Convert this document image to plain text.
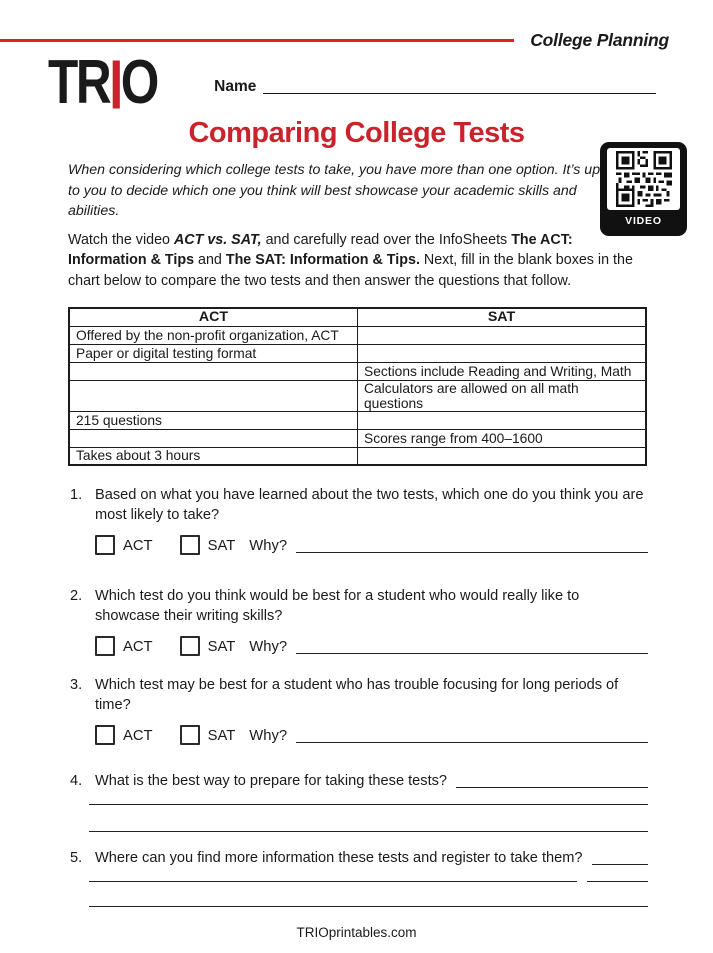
College Planning
TRIO	Name
Comparing College Tests
VIDEO

When considering which college tests to take, you have more than one option. It’s up to you to decide which one you think will best showcase your academic skills and abilities.

Watch the video ACT vs. SAT, and carefully read over the InfoSheets The ACT: Information & Tips and The SAT: Information & Tips. Next, fill in the blank boxes in the chart below to compare the two tests and then answer the questions that follow.

ACT	SAT
Offered by the non-profit organization, ACT	
Paper or digital testing format	
	Sections include Reading and Writing, Math
	Calculators are allowed on all math questions
215 questions	
	Scores range from 400–1600
Takes about 3 hours	
1. Based on what you have learned about the two tests, which one do you think you are most likely to take?
ACT	SAT Why?
2. Which test do you think would be best for a student who would really like to showcase their writing skills?
ACT	SAT Why?
3. Which test may be best for a student who has trouble focusing for long periods of time?
ACT	SAT Why?
4. What is the best way to prepare for taking these tests?
5. Where can you find more information these tests and register to take them?
TRIOprintables.com
